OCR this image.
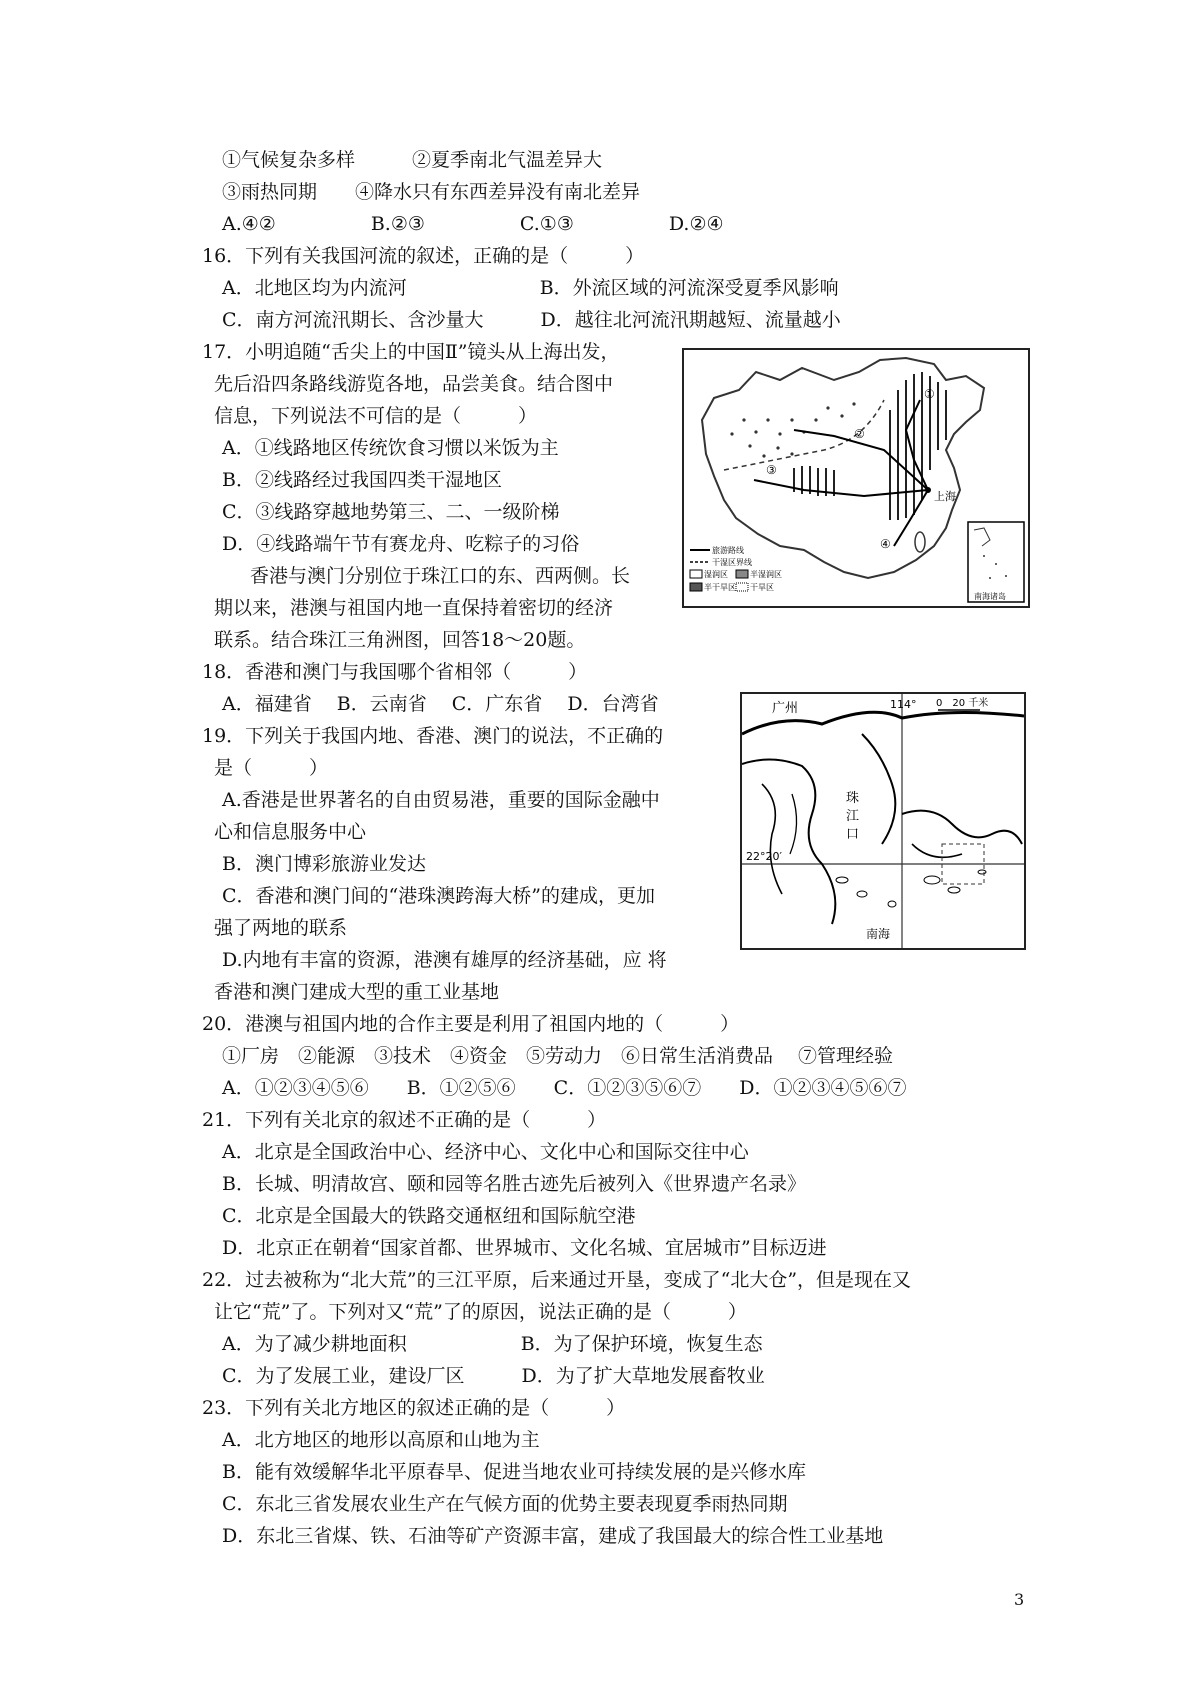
①气候复杂多样　　　②夏季南北气温差异大
③雨热同期　　④降水只有东西差异没有南北差异
A.④②　　　　　B.②③　　　　　C.①③　　　　　D.②④
16．下列有关我国河流的叙述，正确的是（　　　）
A．北地区均为内流河　　　　　　　B．外流区域的河流深受夏季风影响
C．南方河流汛期长、含沙量大　　　D．越往北河流汛期越短、流量越小
17．小明追随“舌尖上的中国Ⅱ”镜头从上海出发，
先后沿四条路线游览各地，品尝美食。结合图中
信息，下列说法不可信的是（　　　）
A．①线路地区传统饮食习惯以米饭为主
B．②线路经过我国四类干湿地区
C．③线路穿越地势第三、二、一级阶梯
D．④线路端午节有赛龙舟、吃粽子的习俗
香港与澳门分别位于珠江口的东、西两侧。长
期以来，港澳与祖国内地一直保持着密切的经济
联系。结合珠江三角洲图，回答18～20题。
18．香港和澳门与我国哪个省相邻（　　　）
A．福建省　 B．云南省　 C．广东省　 D．台湾省
19．下列关于我国内地、香港、澳门的说法，不正确的
是（　　　）
A.香港是世界著名的自由贸易港，重要的国际金融中
心和信息服务中心
B．澳门博彩旅游业发达
C．香港和澳门间的“港珠澳跨海大桥”的建成，更加
强了两地的联系
D.内地有丰富的资源，港澳有雄厚的经济基础，应 将
香港和澳门建成大型的重工业基地
20．港澳与祖国内地的合作主要是利用了祖国内地的（　　　）
①厂房　②能源　③技术　④资金　⑤劳动力　⑥日常生活消费品　 ⑦管理经验
A．①②③④⑤⑥　　B．①②⑤⑥　　C．①②③⑤⑥⑦　　D．①②③④⑤⑥⑦
21．下列有关北京的叙述不正确的是（　　　）
A．北京是全国政治中心、经济中心、文化中心和国际交往中心
B．长城、明清故宫、颐和园等名胜古迹先后被列入《世界遗产名录》
C．北京是全国最大的铁路交通枢纽和国际航空港
D．北京正在朝着“国家首都、世界城市、文化名城、宜居城市”目标迈进
22．过去被称为“北大荒”的三江平原，后来通过开垦，变成了“北大仓”，但是现在又
让它“荒”了。下列对又“荒”了的原因，说法正确的是（　　　）
A．为了减少耕地面积　　　　　　B．为了保护环境，恢复生态
C．为了发展工业，建设厂区　　　D．为了扩大草地发展畜牧业
23．下列有关北方地区的叙述正确的是（　　　）
A．北方地区的地形以高原和山地为主
B．能有效缓解华北平原春旱、促进当地农业可持续发展的是兴修水库
C．东北三省发展农业生产在气候方面的优势主要表现夏季雨热同期
D．东北三省煤、铁、石油等矿产资源丰富，建成了我国最大的综合性工业基地
上海
①
②
③
④
旅游路线
干湿区界线
湿润区	半湿润区
半干旱区 干旱区
南海诸岛
广州	114° 0　20 千米
珠
江
口
22°20′
南海
3
